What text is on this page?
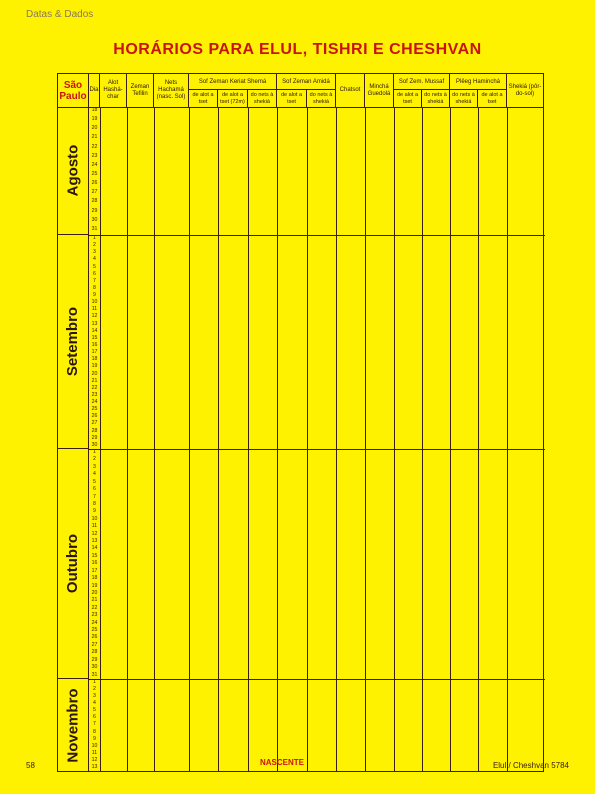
Datas & Dados
HORÁRIOS PARA ELUL, TISHRI E CHESHVAN
São Paulo
Dia
Alot Hashá-char
Zeman Tefilin
Nets Hachamá (nasc. Sol)
Sof Zeman Keriat Shemá
de alot a tset
de alot a tset (72m)
do nets à shekiá
Sof Zeman Amidá
de alot a tset
do nets à shekiá
Chatsot
Minchá Guedolá
Sof Zem. Mussaf
de alot a tset
do nets à shekiá
Plêeg Haminchá
do nets à shekiá
de alot a tset
Shekiá (pôr-do-sol)
Agosto
Setembro
Outubro
Novembro
18
19
20
21
22
23
24
25
26
27
28
29
30
31
1
2
3
4
5
6
7
8
9
10
11
12
13
14
15
16
17
18
19
20
21
22
23
24
25
26
27
28
29
30
1
2
3
4
5
6
7
8
9
10
11
12
13
14
15
16
17
18
19
20
21
22
23
24
25
26
27
28
29
30
31
1
2
3
4
5
6
7
8
9
10
11
12
13
58	NASCENTE	Elul / Cheshvan 5784
